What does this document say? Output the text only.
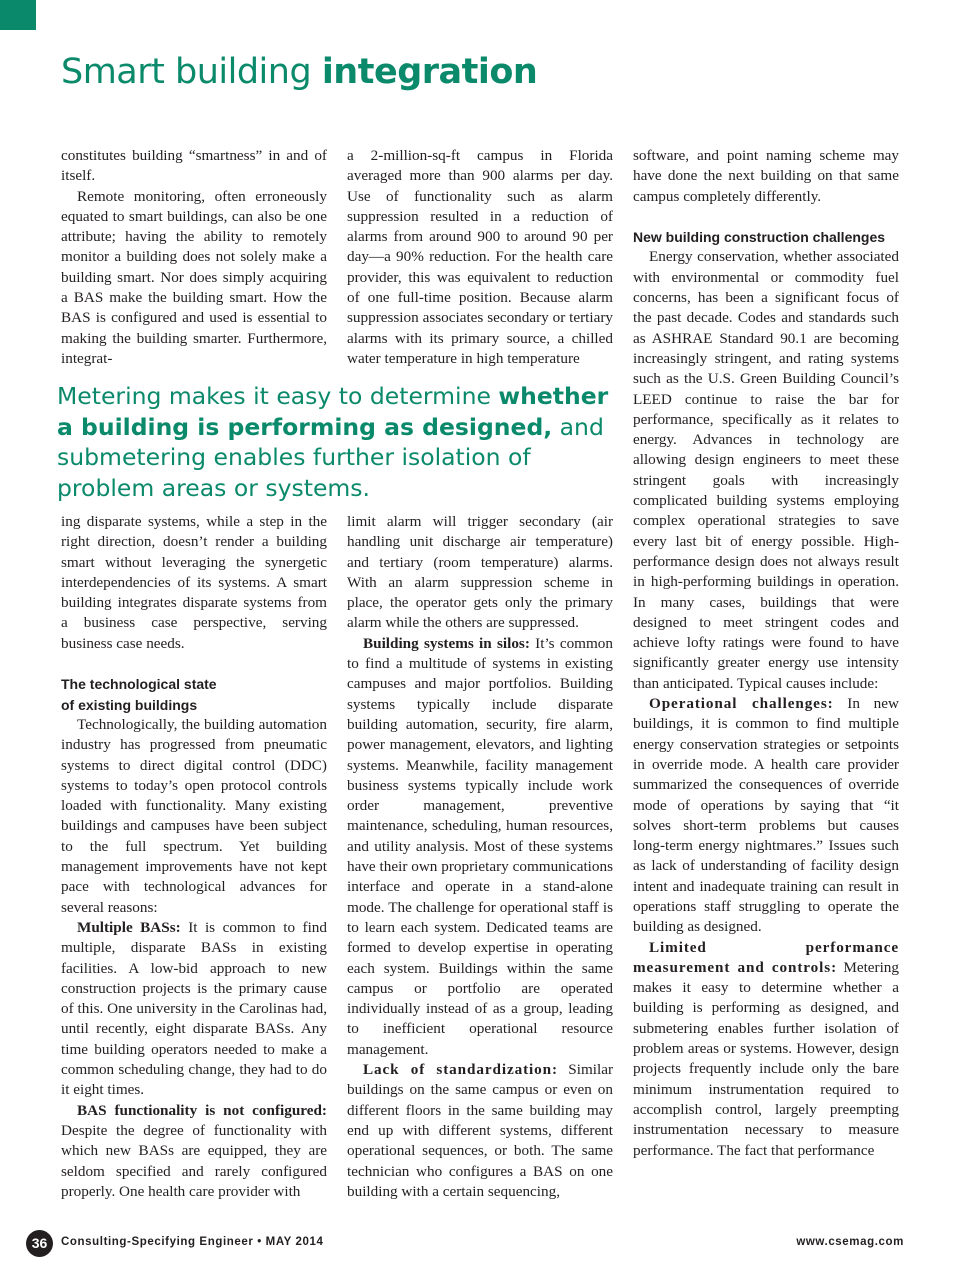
Smart building integration

constitutes building “smartness” in and of itself.

Remote monitoring, often erroneously equated to smart buildings, can also be one attribute; having the ability to remotely monitor a building does not solely make a building smart. Nor does simply acquiring a BAS make the building smart. How the BAS is configured and used is essential to making the building smarter. Furthermore, integrat-

a 2-million-sq-ft campus in Florida averaged more than 900 alarms per day. Use of functionality such as alarm suppression resulted in a reduction of alarms from around 900 to around 90 per day—a 90% reduction. For the health care provider, this was equivalent to reduction of one full-time position. Because alarm suppression associates secondary or tertiary alarms with its primary source, a chilled water temperature in high temperature

Metering makes it easy to determine whether a building is performing as designed, and submetering enables further isolation of problem areas or systems.

ing disparate systems, while a step in the right direction, doesn’t render a building smart without leveraging the synergetic interdependencies of its systems. A smart building integrates disparate systems from a business case perspective, serving business case needs.

The technological state
of existing buildings

Technologically, the building automation industry has progressed from pneumatic systems to direct digital control (DDC) systems to today’s open protocol controls loaded with functionality. Many existing buildings and campuses have been subject to the full spectrum. Yet building management improvements have not kept pace with technological advances for several reasons:

Multiple BASs: It is common to find multiple, disparate BASs in existing facilities. A low-bid approach to new construction projects is the primary cause of this. One university in the Carolinas had, until recently, eight disparate BASs. Any time building operators needed to make a common scheduling change, they had to do it eight times.

BAS functionality is not configured: Despite the degree of functionality with which new BASs are equipped, they are seldom specified and rarely configured properly. One health care provider with

limit alarm will trigger secondary (air handling unit discharge air temperature) and tertiary (room temperature) alarms. With an alarm suppression scheme in place, the operator gets only the primary alarm while the others are suppressed.

Building systems in silos: It’s common to find a multitude of systems in existing campuses and major portfolios. Building systems typically include disparate building automation, security, fire alarm, power management, elevators, and lighting systems. Meanwhile, facility management business systems typically include work order management, preventive maintenance, scheduling, human resources, and utility analysis. Most of these systems have their own proprietary communications interface and operate in a stand-alone mode. The challenge for operational staff is to learn each system. Dedicated teams are formed to develop expertise in operating each system. Buildings within the same campus or portfolio are operated individually instead of as a group, leading to inefficient operational resource management.

Lack of standardization: Similar buildings on the same campus or even on different floors in the same building may end up with different systems, different operational sequences, or both. The same technician who configures a BAS on one building with a certain sequencing,

software, and point naming scheme may have done the next building on that same campus completely differently.

New building construction challenges

Energy conservation, whether associated with environmental or commodity fuel concerns, has been a significant focus of the past decade. Codes and standards such as ASHRAE Standard 90.1 are becoming increasingly stringent, and rating systems such as the U.S. Green Building Council’s LEED continue to raise the bar for performance, specifically as it relates to energy. Advances in technology are allowing design engineers to meet these stringent goals with increasingly complicated building systems employing complex operational strategies to save every last bit of energy possible. High-performance design does not always result in high-performing buildings in operation. In many cases, buildings that were designed to meet stringent codes and achieve lofty ratings were found to have significantly greater energy use intensity than anticipated. Typical causes include:

Operational challenges: In new buildings, it is common to find multiple energy conservation strategies or setpoints in override mode. A health care provider summarized the consequences of override mode of operations by saying that “it solves short-term problems but causes long-term energy nightmares.” Issues such as lack of understanding of facility design intent and inadequate training can result in operations staff struggling to operate the building as designed.

Limited performance measurement and controls: Metering makes it easy to determine whether a building is performing as designed, and submetering enables further isolation of problem areas or systems. However, design projects frequently include only the bare minimum instrumentation required to accomplish control, largely preempting instrumentation necessary to measure performance. The fact that performance

36	Consulting-Specifying Engineer • MAY 2014	www.csemag.com
